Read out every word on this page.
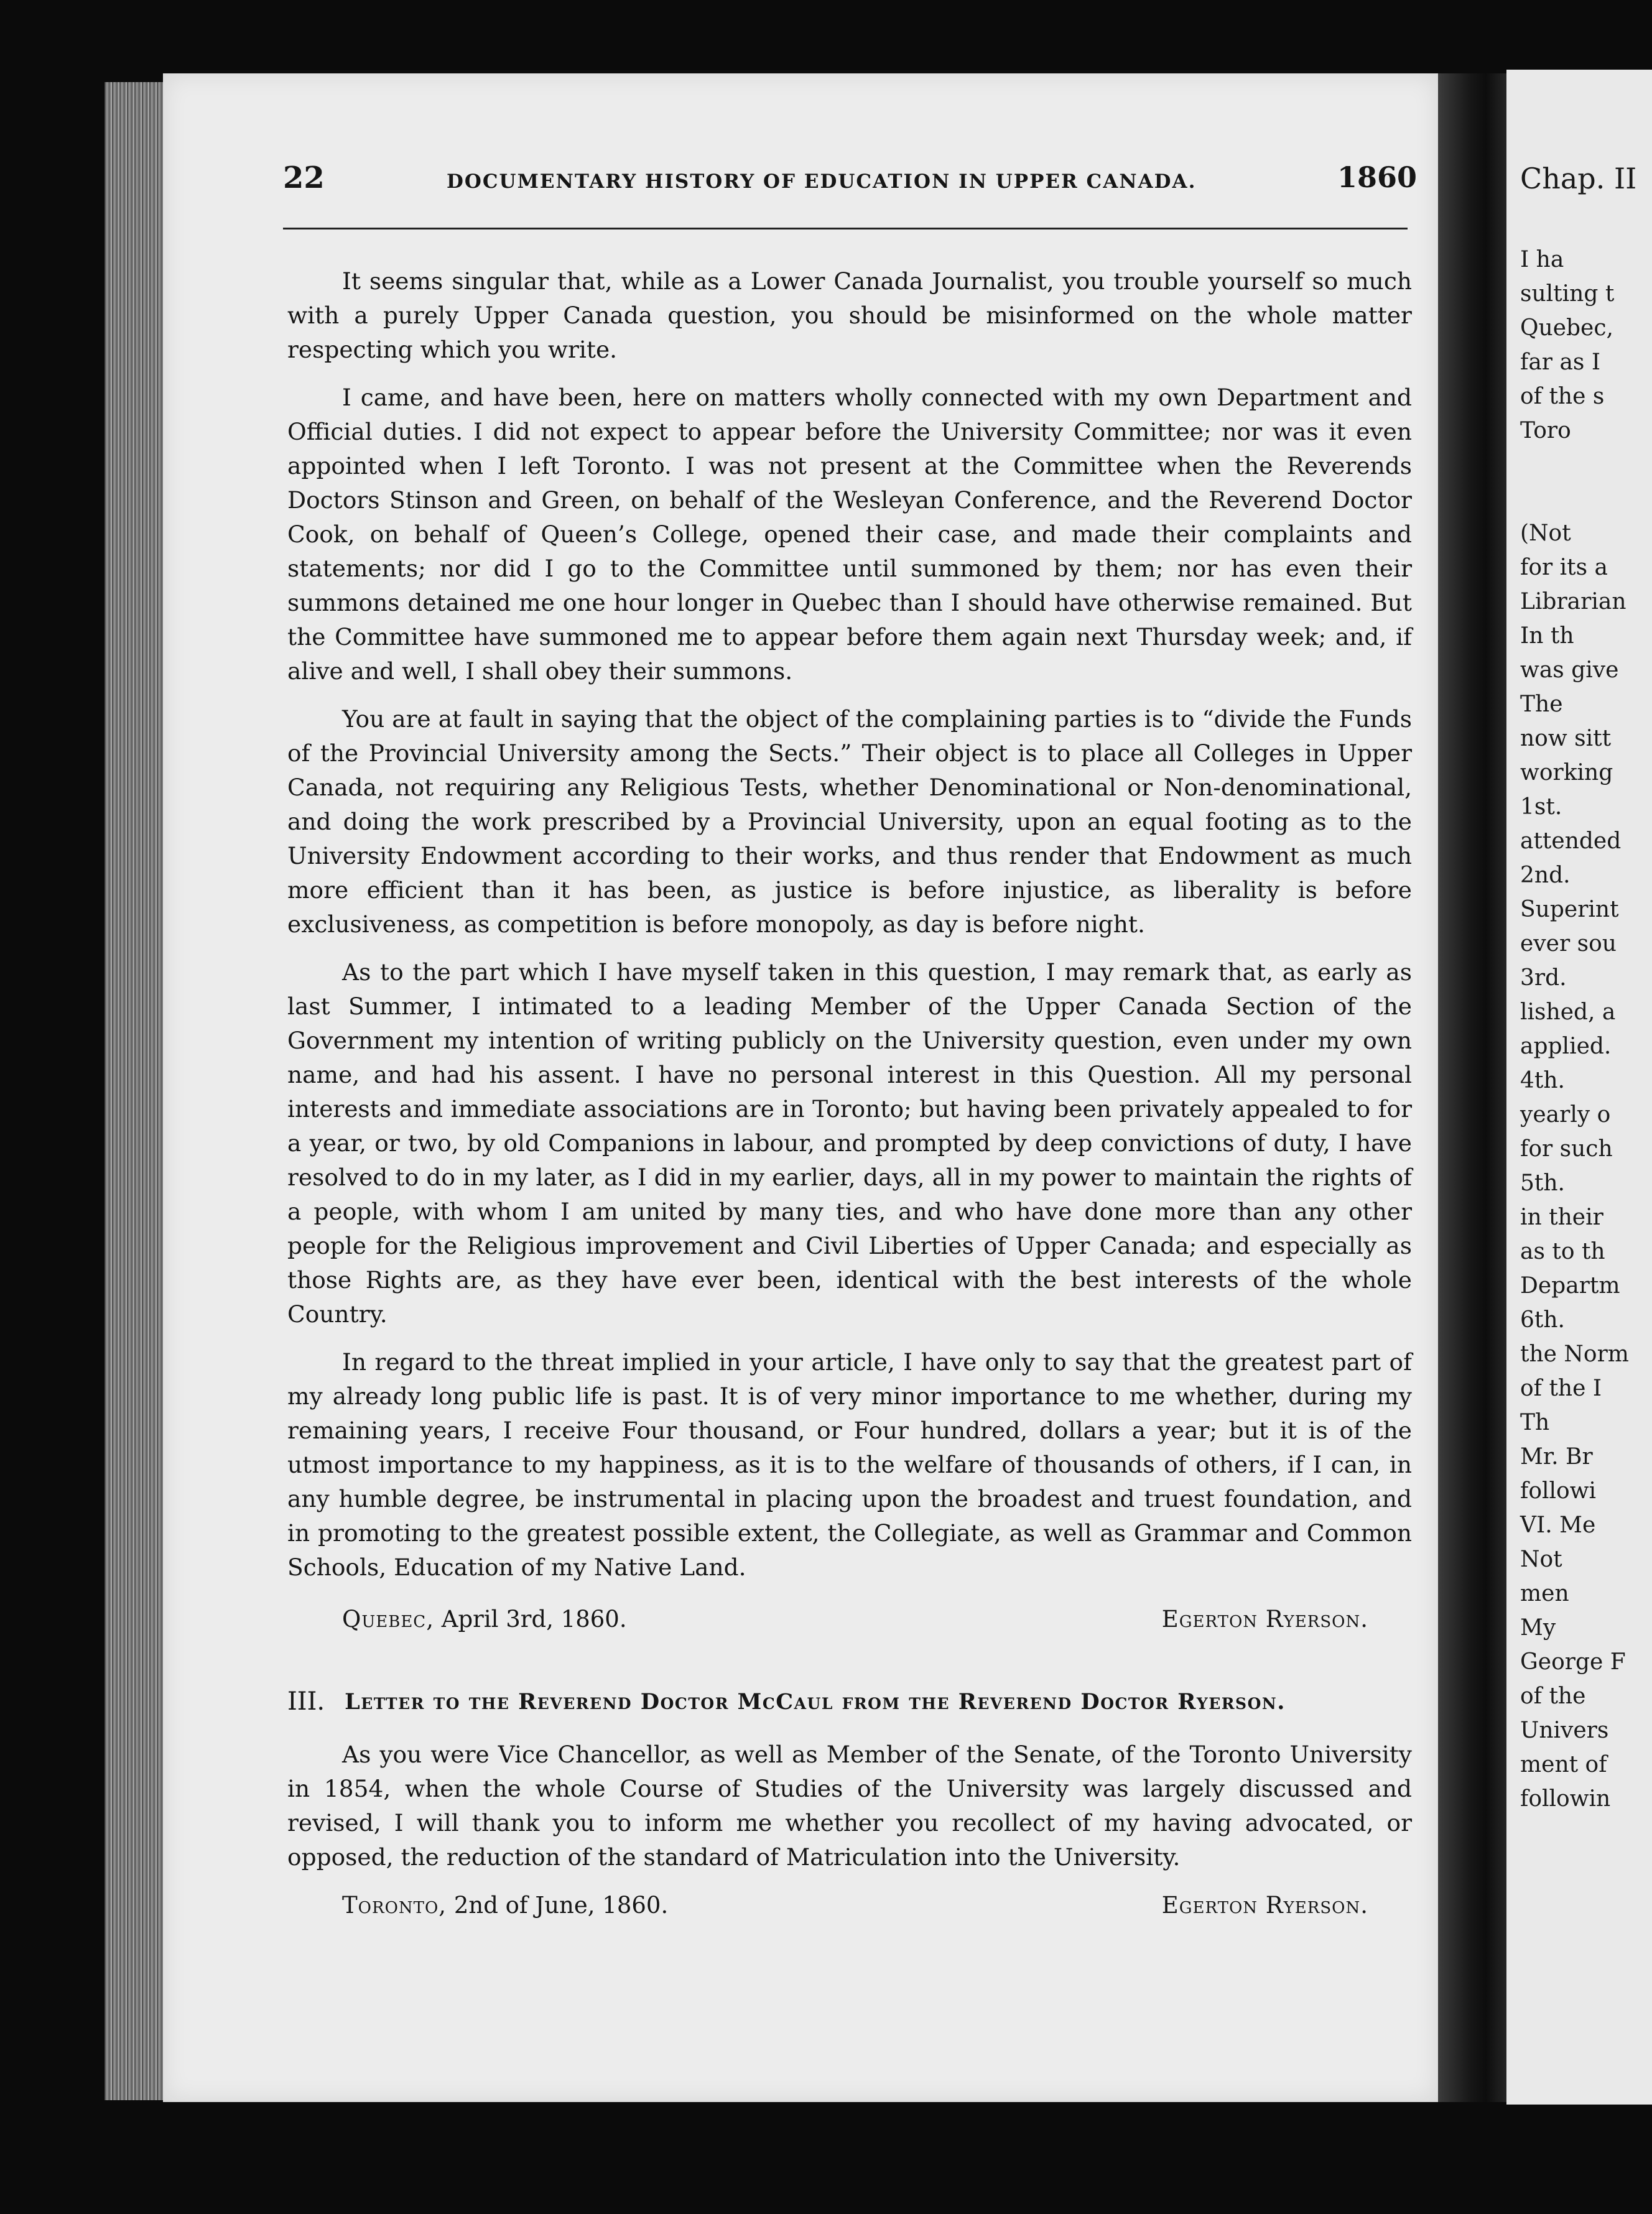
Chap. II
I ha
sulting t
Quebec,
far as I
of the s
Toro

(Not
for its a
Librarian
In th
was give
The
now sitt
working
1st.
attended
2nd.
Superint
ever sou
3rd.
lished, a
applied.
4th.
yearly o
for such
5th.
in their
as to th
Departm
6th.
the Norm
of the I
Th
Mr. Br
followi
VI. Me
Not
men
My
George F
of the
Univers
ment of
followin
22	DOCUMENTARY HISTORY OF EDUCATION IN UPPER CANADA.	1860

It seems singular that, while as a Lower Canada Journalist, you trouble yourself so much with a purely Upper Canada question, you should be misinformed on the whole matter respecting which you write.

I came, and have been, here on matters wholly connected with my own Department and Official duties. I did not expect to appear before the University Committee; nor was it even appointed when I left Toronto. I was not present at the Committee when the Reverends Doctors Stinson and Green, on behalf of the Wesleyan Conference, and the Reverend Doctor Cook, on behalf of Queen’s College, opened their case, and made their complaints and statements; nor did I go to the Committee until summoned by them; nor has even their summons detained me one hour longer in Quebec than I should have otherwise remained. But the Committee have summoned me to appear before them again next Thursday week; and, if alive and well, I shall obey their summons.

You are at fault in saying that the object of the complaining parties is to “divide the Funds of the Provincial University among the Sects.” Their object is to place all Colleges in Upper Canada, not requiring any Religious Tests, whether Denominational or Non-denominational, and doing the work prescribed by a Provincial University, upon an equal footing as to the University Endowment according to their works, and thus render that Endowment as much more efficient than it has been, as justice is before injustice, as liberality is before exclusiveness, as competition is before monopoly, as day is before night.

As to the part which I have myself taken in this question, I may remark that, as early as last Summer, I intimated to a leading Member of the Upper Canada Section of the Government my intention of writing publicly on the University question, even under my own name, and had his assent. I have no personal interest in this Question. All my personal interests and immediate associations are in Toronto; but having been privately appealed to for a year, or two, by old Companions in labour, and prompted by deep convictions of duty, I have resolved to do in my later, as I did in my earlier, days, all in my power to maintain the rights of a people, with whom I am united by many ties, and who have done more than any other people for the Religious improvement and Civil Liberties of Upper Canada; and especially as those Rights are, as they have ever been, identical with the best interests of the whole Country.

In regard to the threat implied in your article, I have only to say that the greatest part of my already long public life is past. It is of very minor importance to me whether, during my remaining years, I receive Four thousand, or Four hundred, dollars a year; but it is of the utmost importance to my happiness, as it is to the welfare of thousands of others, if I can, in any humble degree, be instrumental in placing upon the broadest and truest foundation, and in promoting to the greatest possible extent, the Collegiate, as well as Grammar and Common Schools, Education of my Native Land.

Quebec, April 3rd, 1860.	Egerton Ryerson.
III. Letter to the Reverend Doctor McCaul from the Reverend Doctor Ryerson.

As you were Vice Chancellor, as well as Member of the Senate, of the Toronto University in 1854, when the whole Course of Studies of the University was largely discussed and revised, I will thank you to inform me whether you recollect of my having advocated, or opposed, the reduction of the standard of Matriculation into the University.

Toronto, 2nd of June, 1860.	Egerton Ryerson.
